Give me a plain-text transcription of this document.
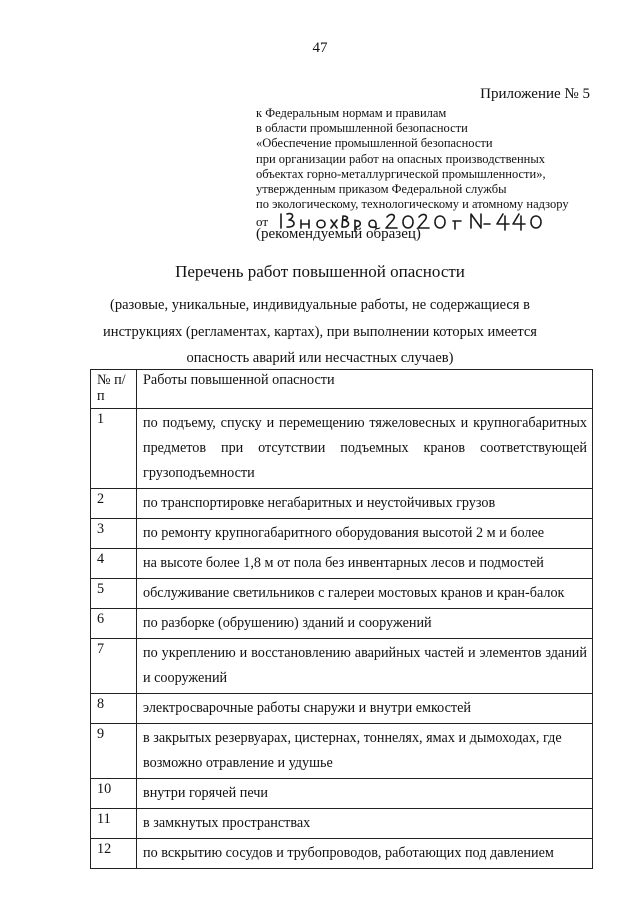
47
Приложение № 5
к Федеральным нормам и правилам
в области промышленной безопасности
«Обеспечение промышленной безопасности
при организации работ на опасных производственных
объектах горно-металлургической промышленности»,
утвержденным приказом Федеральной службы
по экологическому, технологическому и атомному надзору
от
(рекомендуемый образец)
Перечень работ повышенной опасности
(разовые, уникальные, индивидуальные работы, не содержащиеся в
инструкциях (регламентах, картах), при выполнении которых имеется
опасность аварий или несчастных случаев)
№ п/п	Работы повышенной опасности
1	по подъему, спуску и перемещению тяжеловесных и крупногабаритных предметов при отсутствии подъемных кранов соответствующей грузоподъемности
2	по транспортировке негабаритных и неустойчивых грузов
3	по ремонту крупногабаритного оборудования высотой 2 м и более
4	на высоте более 1,8 м от пола без инвентарных лесов и подмостей
5	обслуживание светильников с галереи мостовых кранов и кран-балок
6	по разборке (обрушению) зданий и сооружений
7	по укреплению и восстановлению аварийных частей и элементов зданий и сооружений
8	электросварочные работы снаружи и внутри емкостей
9	в закрытых резервуарах, цистернах, тоннелях, ямах и дымоходах, где возможно отравление и удушье
10	внутри горячей печи
11	в замкнутых пространствах
12	по вскрытию сосудов и трубопроводов, работающих под давлением
